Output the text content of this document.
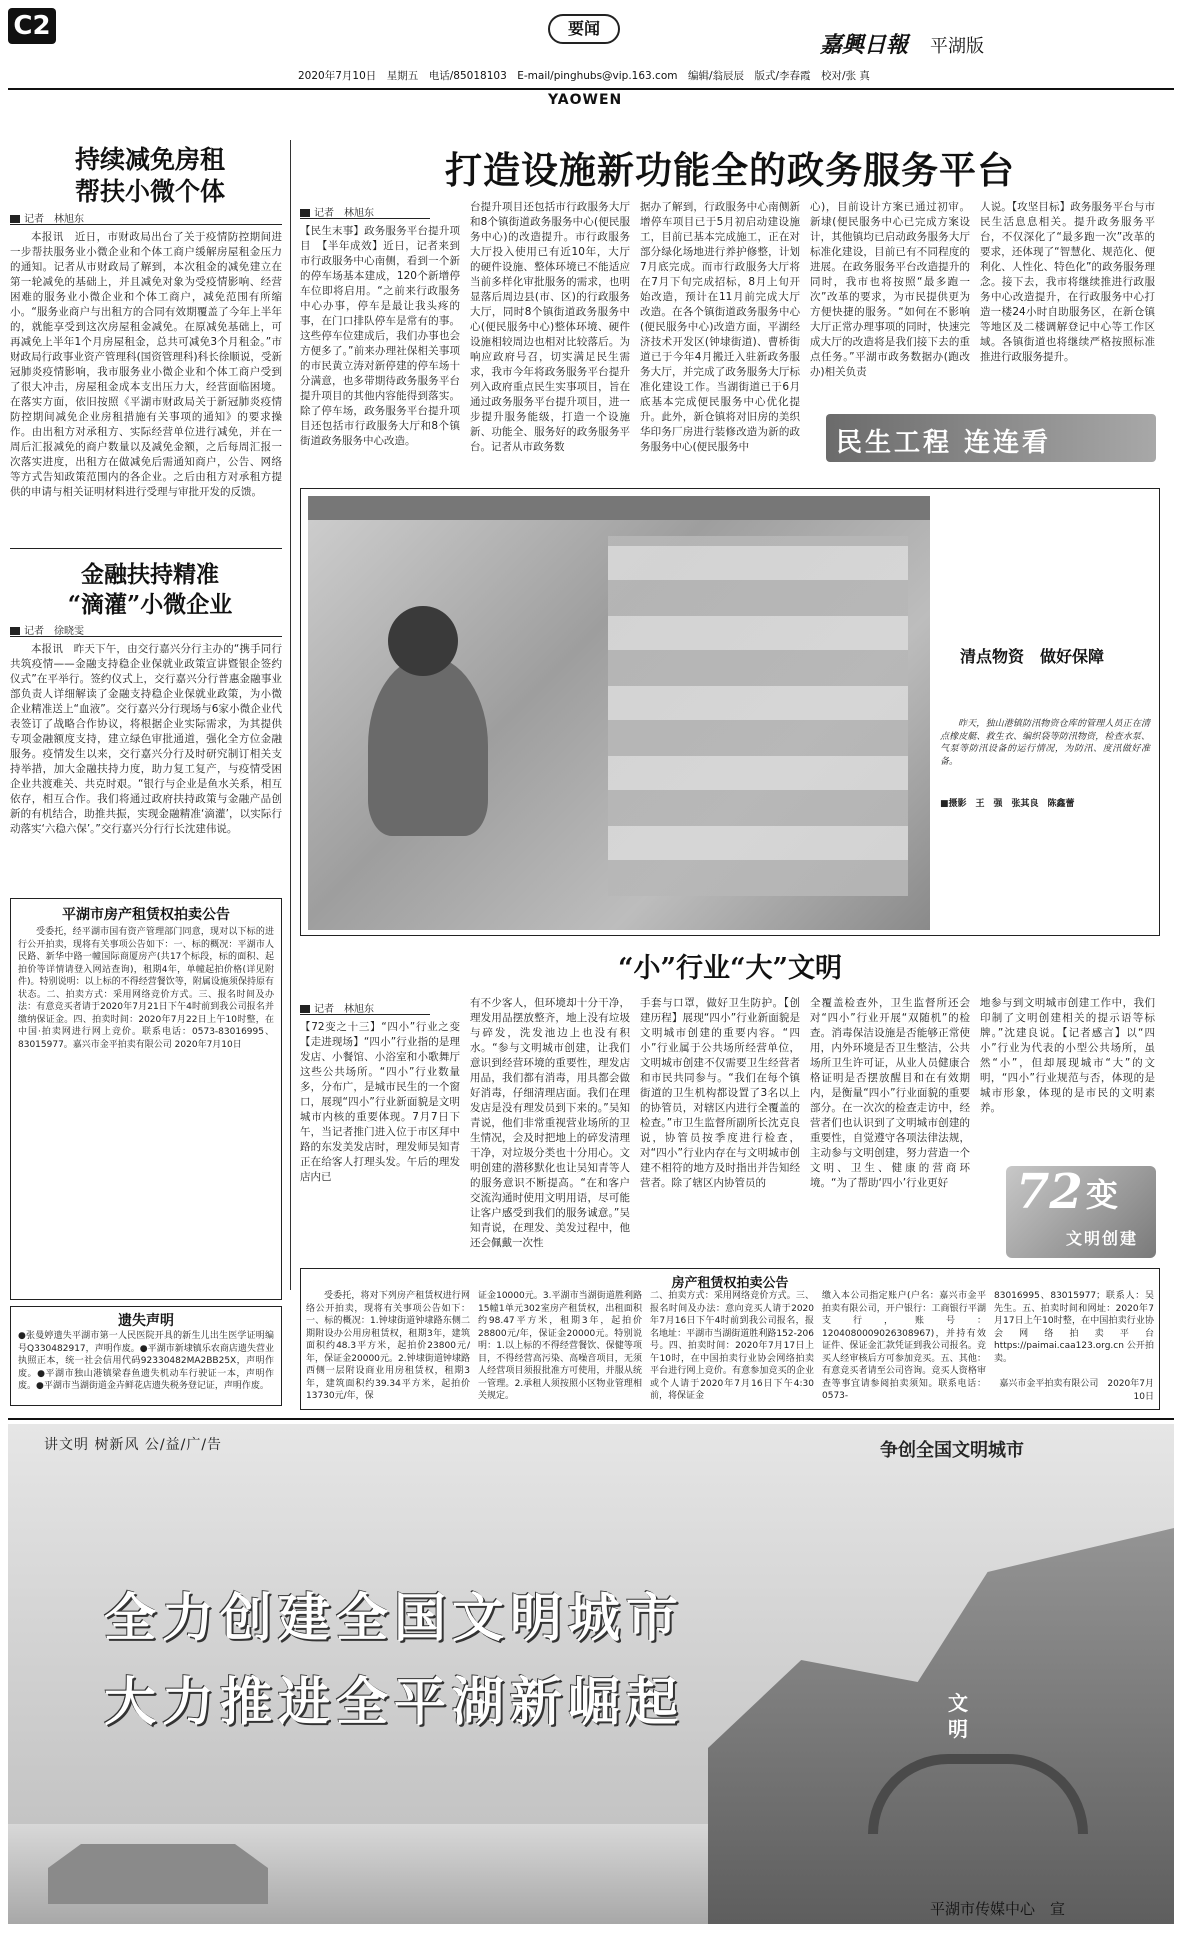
C2	要闻
嘉興日報 平湖版
2020年7月10日　星期五　电话/85018103　E-mail/pinghubs@vip.163.com　编辑/翁辰辰　版式/李春霞　校对/张 真
YAOWEN
持续减免房租
帮扶小微个体
记者　林旭东
本报讯　近日，市财政局出台了关于疫情防控期间进一步帮扶服务业小微企业和个体工商户缓解房屋租金压力的通知。记者从市财政局了解到，本次租金的减免建立在第一轮减免的基础上，并且减免对象为受疫情影响、经营困难的服务业小微企业和个体工商户，减免范围有所缩小。“服务业商户与出租方的合同有效期覆盖了今年上半年的，就能享受到这次房屋租金减免。在原减免基础上，可再减免上半年1个月房屋租金，总共可减免3个月租金。”市财政局行政事业资产管理科(国资管理科)科长徐顺说，受新冠肺炎疫情影响，我市服务业小微企业和个体工商户受到了很大冲击，房屋租金成本支出压力大，经营面临困境。在落实方面，依旧按照《平湖市财政局关于新冠肺炎疫情防控期间减免企业房租措施有关事项的通知》的要求操作。由出租方对承租方、实际经营单位进行减免，并在一周后汇报减免的商户数量以及减免金额，之后每周汇报一次落实进度，出租方在做减免后需通知商户，公告、网络等方式告知政策范围内的各企业。之后由租方对承租方提供的申请与相关证明材料进行受理与审批开发的反馈。
金融扶持精准
“滴灌”小微企业
记者　徐晓雯
本报讯　昨天下午，由交行嘉兴分行主办的“携手同行 共筑疫情——金融支持稳企业保就业政策宣讲暨银企签约仪式”在平举行。签约仪式上，交行嘉兴分行普惠金融事业部负责人详细解读了金融支持稳企业保就业政策，为小微企业精准送上“血液”。交行嘉兴分行现场与6家小微企业代表签订了战略合作协议，将根据企业实际需求，为其提供专项金融额度支持，建立绿色审批通道，强化全方位金融服务。疫情发生以来，交行嘉兴分行及时研究制订相关支持举措，加大金融扶持力度，助力复工复产，与疫情受困企业共渡难关、共克时艰。“银行与企业是鱼水关系，相互依存，相互合作。我们将通过政府扶持政策与金融产品创新的有机结合，助推共振，实现金融精准‘滴灌’，以实际行动落实‘六稳六保’。”交行嘉兴分行行长沈建伟说。
平湖市房产租赁权拍卖公告
受委托，经平湖市国有资产管理部门同意，现对以下标的进行公开拍卖，现将有关事项公告如下：一、标的概况：平湖市人民路、新华中路一幢国际商厦房产(共17个标段，标的面积、起拍价等详情请登入网站查询)，租期4年，单幢起拍价格(详见附件)。特别说明：以上标的不得经营餐饮等，附属设施须保持原有状态。二、拍卖方式：采用网络竞价方式。三、报名时间及办法：有意竞买者请于2020年7月21日下午4时前到我公司报名并缴纳保证金。四、拍卖时间：2020年7月22日上午10时整，在中国·拍卖网进行网上竞价。联系电话：0573-83016995、83015977。嘉兴市金平拍卖有限公司 2020年7月10日
遗失声明
●张曼婷遗失平湖市第一人民医院开具的新生儿出生医学证明编号Q330482917，声明作废。●平湖市新埭镇乐农商店遗失营业执照正本，统一社会信用代码92330482MA2BB25X，声明作废。●平湖市独山港镇梁春鱼遗失机动车行驶证一本，声明作废。●平湖市当湖街道金卉鲜花店遗失税务登记证，声明作废。
打造设施新功能全的政务服务平台
记者　林旭东
【民生末事】政务服务平台提升项目　【半年成效】近日，记者来到市行政服务中心南侧，看到一个新的停车场基本建成，120个新增停车位即将启用。“之前来行政服务中心办事，停车是最让我头疼的事，在门口排队停车是常有的事。这些停车位建成后，我们办事也会方便多了。”前来办理社保相关事项的市民黄立涛对新停建的停车场十分满意，也多带期待政务服务平台提升项目的其他内容能得到落实。除了停车场，政务服务平台提升项目还包括市行政服务大厅和8个镇街道政务服务中心改造。
台提升项目还包括市行政服务大厅和8个镇街道政务服务中心(便民服务中心)的改造提升。市行政服务大厅投入使用已有近10年，大厅的硬件设施、整体环境已不能适应当前多样化审批服务的需求，也明显落后周边县(市、区)的行政服务大厅，同时8个镇街道政务服务中心(便民服务中心)整体环境、硬件设施相较周边也相对比较落后。为响应政府号召，切实满足民生需求，我市今年将政务服务平台提升列入政府重点民生实事项目，旨在通过政务服务平台提升项目，进一步提升服务能级，打造一个设施新、功能全、服务好的政务服务平台。记者从市政务数
据办了解到，行政服务中心南侧新增停车项目已于5月初启动建设施工，目前已基本完成施工，正在对部分绿化场地进行养护修整，计划7月底完成。而市行政服务大厅将在7月下旬完成招标，8月上旬开始改造，预计在11月前完成大厅改造。在各个镇街道政务服务中心(便民服务中心)改造方面，平湖经济技术开发区(钟埭街道)、曹桥街道已于今年4月搬迁入驻新政务服务大厅，并完成了政务服务大厅标准化建设工作。当湖街道已于6月底基本完成便民服务中心优化提升。此外，新仓镇将对旧房的美织华印务厂房进行装修改造为新的政务服务中心(便民服务中
心)，目前设计方案已通过初审。新埭(便民服务中心已完成方案设计，其他镇均已启动政务服务大厅标准化建设，目前已有不同程度的进展。在政务服务平台改造提升的同时，我市也将按照“最多跑一次”改革的要求，为市民提供更为方便快捷的服务。“如何在不影响大厅正常办理事项的同时，快速完成大厅的改造将是我们接下去的重点任务。”平湖市政务数据办(跑改办)相关负责
人说。【攻坚目标】政务服务平台与市民生活息息相关。提升政务服务平台，不仅深化了“最多跑一次”改革的要求，还体现了“智慧化、规范化、便利化、人性化、特色化”的政务服务理念。接下去，我市将继续推进行政服务中心改造提升，在行政服务中心打造一楼24小时自助服务区，在新仓镇等地区及二楼调解登记中心等工作区域。各镇街道也将继续严格按照标准推进行政服务提升。
民生工程 连连看
清点物资　做好保障
昨天，独山港镇防汛物资仓库的管理人员正在清点橡皮艇、救生衣、编织袋等防汛物资，检查水泵、气泵等防汛设备的运行情况，为防汛、度汛做好准备。
■摄影　王　强　张其良　陈鑫蕾
“小”行业“大”文明
记者　林旭东
【72变之十三】“四小”行业之变　【走进现场】“四小”行业指的是理发店、小餐馆、小浴室和小歌舞厅这些公共场所。“四小”行业数量多，分布广，是城市民生的一个窗口，展现“四小”行业新面貌是文明城市内核的重要体现。7月7日下午，当记者推门进入位于市区拜中路的东发美发店时，理发师吴知青正在给客人打理头发。午后的理发店内已
有不少客人，但环境却十分干净，理发用品摆放整齐，地上没有垃圾与碎发，洗发池边上也没有积水。“参与文明城市创建，让我们意识到经营环境的重要性，理发店用品，我们都有消毒，用具都会做好消毒，仔细清理店面。我们在理发店是没有理发员到下来的。”吴知青说，他们非常重视营业场所的卫生情况，会及时把地上的碎发清理干净，对垃圾分类也十分用心。文明创建的潜移默化也让吴知青等人的服务意识不断提高。“在和客户交流沟通时使用文明用语，尽可能让客户感受到我们的服务诚意。”吴知青说，在理发、美发过程中，他还会佩戴一次性
手套与口罩，做好卫生防护。【创建历程】展现“四小”行业新面貌是文明城市创建的重要内容。“四小”行业属于公共场所经营单位，文明城市创建不仅需要卫生经营者和市民共同参与。“我们在每个镇街道的卫生机构都设置了3名以上的协管员，对辖区内进行全覆盖的检查。”市卫生监督所副所长沈克良说，协管员按季度进行检查，对“四小”行业内存在与文明城市创建不相符的地方及时指出并告知经营者。除了辖区内协管员的
全覆盖检查外，卫生监督所还会对“四小”行业开展“双随机”的检查。消毒保洁设施是否能够正常使用，内外环境是否卫生整洁，公共场所卫生许可证，从业人员健康合格证明是否摆放醒目和在有效期内，是衡量“四小”行业面貌的重要部分。在一次次的检查走访中，经营者们也认识到了文明城市创建的重要性，自觉遵守各项法律法规，主动参与文明创建，努力营造一个文明、卫生、健康的营商环境。“为了帮助‘四小’行业更好
地参与到文明城市创建工作中，我们印制了文明创建相关的提示语等标牌。”沈建良说。【记者感言】以“四小”行业为代表的小型公共场所，虽然“小”，但却展现城市“大”的文明，“四小”行业规范与否，体现的是城市形象，体现的是市民的文明素养。
72 变
文明创建
房产租赁权拍卖公告
受委托，将对下列房产租赁权进行网络公开拍卖，现将有关事项公告如下：一、标的概况：1.钟埭街道钟埭路东侧二期附设办公用房租赁权，租期3年，建筑面积约48.3平方米，起拍价23800元/年，保证金20000元。2.钟埭街道钟埭路西侧一层附设商业用房租赁权，租期3年，建筑面积约39.34平方米，起拍价13730元/年，保
证金10000元。3.平湖市当湖街道胜利路15幢1单元302室房产租赁权，出租面积约98.47平方米，租期3年，起拍价28800元/年，保证金20000元。特别说明：1.以上标的不得经营餐饮、保健等项目，不得经营高污染、高噪音项目，无须人经营项目须报批准方可使用，并服从统一管理。2.承租人须按照小区物业管理相关规定。
二、拍卖方式：采用网络竞价方式。三、报名时间及办法：意向竞买人请于2020年7月16日下午4时前到我公司报名，报名地址：平湖市当湖街道胜利路152-206号。四、拍卖时间：2020年7月17日上午10时，在中国拍卖行业协会网络拍卖平台进行网上竞价。有意参加竞买的企业或个人请于2020年7月16日下午4:30前，将保证金
缴入本公司指定账户(户名：嘉兴市金平拍卖有限公司，开户银行：工商银行平湖支行，账号：1204080009026308967)，并持有效证件、保证金汇款凭证到我公司报名。竞买人经审核后方可参加竞买。五、其他：有意竞买者请至公司咨询。竞买人资格审查等事宜请参阅拍卖须知。联系电话：0573-
83016995、83015977；联系人：吴先生。五、拍卖时间和网址：2020年7月17日上午10时整，在中国拍卖行业协会网络拍卖平台 https://paimai.caa123.org.cn 公开拍卖。
嘉兴市金平拍卖有限公司　2020年7月10日
讲文明 树新风 公/益/广/告	争创全国文明城市
全力创建全国文明城市
大力推进全平湖新崛起	文明
平湖市传媒中心　宣
